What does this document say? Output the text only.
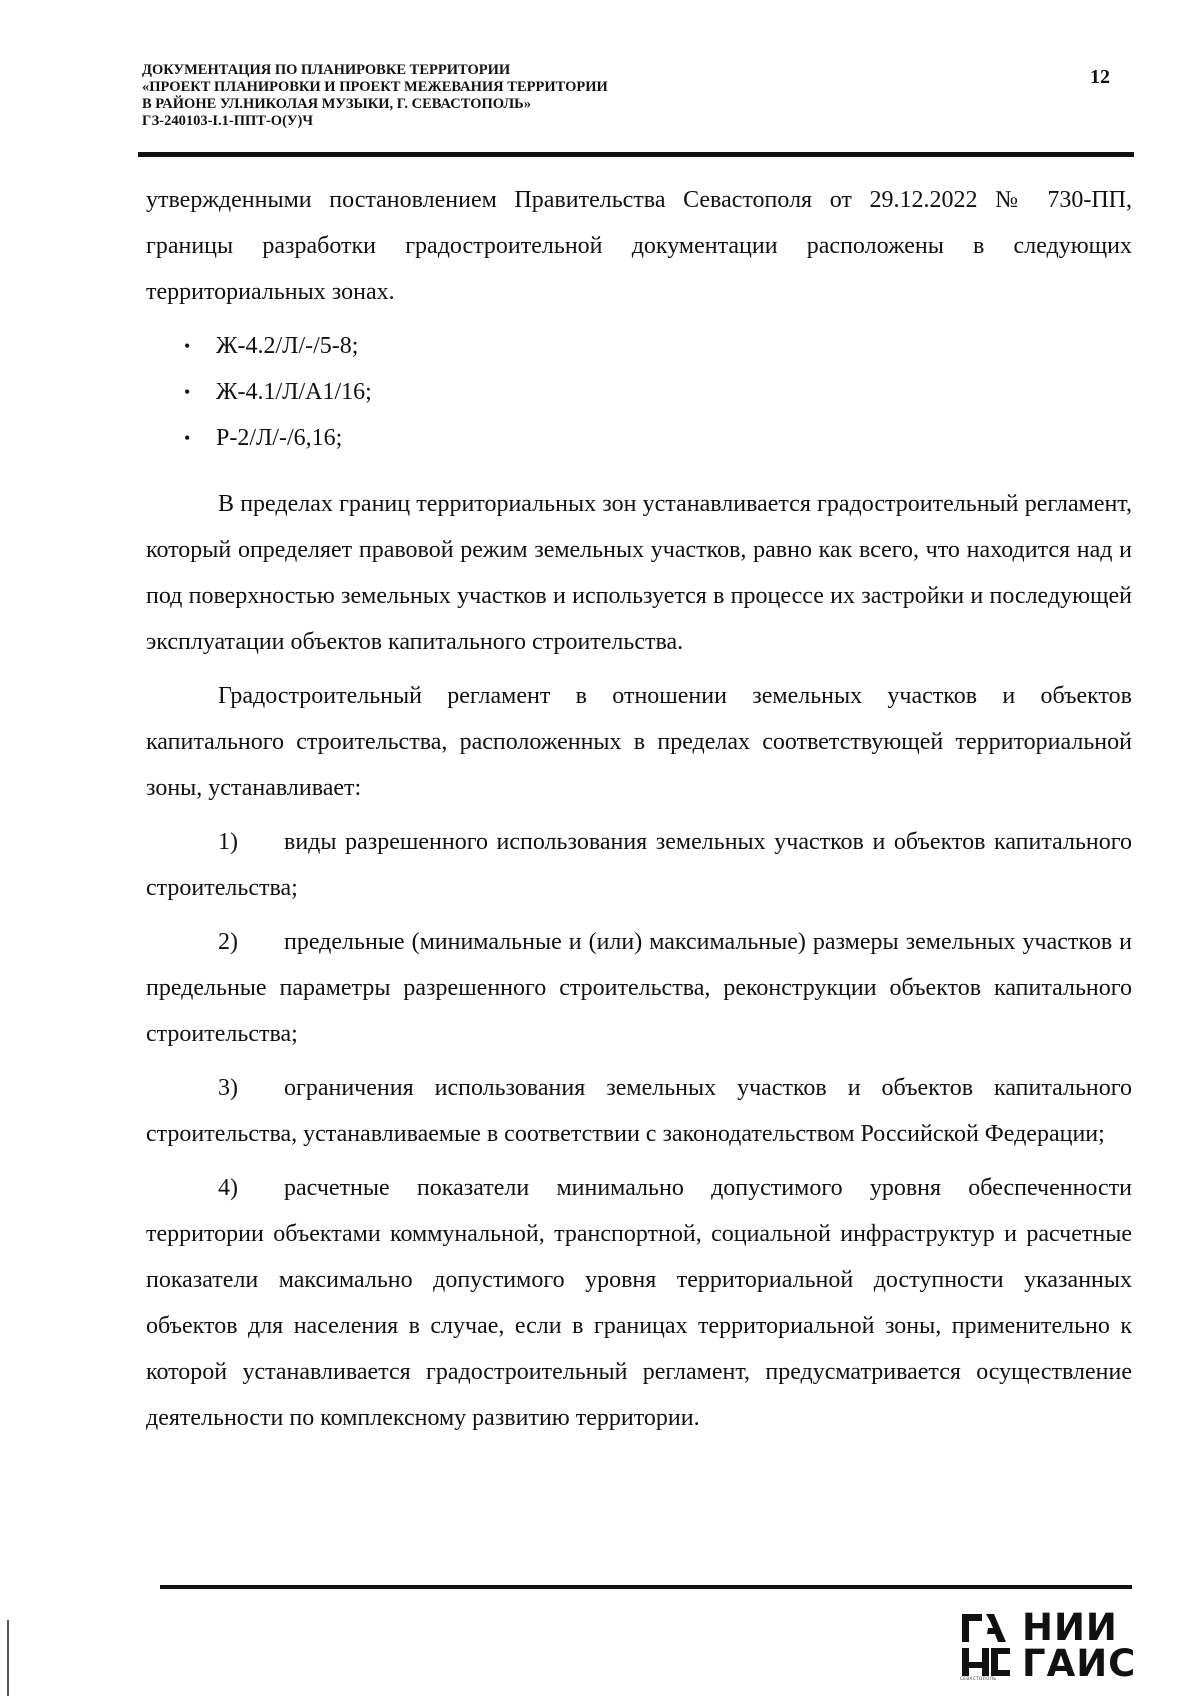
ДОКУМЕНТАЦИЯ ПО ПЛАНИРОВКЕ ТЕРРИТОРИИ
«ПРОЕКТ ПЛАНИРОВКИ И ПРОЕКТ МЕЖЕВАНИЯ ТЕРРИТОРИИ
В РАЙОНЕ УЛ.НИКОЛАЯ МУЗЫКИ, Г. СЕВАСТОПОЛЬ»
ГЗ-240103-I.1-ППТ-О(У)Ч
12

утвержденными постановлением Правительства Севастополя от 29.12.2022 № 730-ПП, границы разработки градостроительной документации расположены в следующих территориальных зонах.

• Ж-4.2/Л/-/5-8;

• Ж-4.1/Л/А1/16;

• Р-2/Л/-/6,16;

В пределах границ территориальных зон устанавливается градостроительный регламент, который определяет правовой режим земельных участков, равно как всего, что находится над и под поверхностью земельных участков и используется в процессе их застройки и последующей эксплуатации объектов капитального строительства.

Градостроительный регламент в отношении земельных участков и объектов капитального строительства, расположенных в пределах соответствующей территориальной зоны, устанавливает:

1) виды разрешенного использования земельных участков и объектов капитального строительства;

2) предельные (минимальные и (или) максимальные) размеры земельных участков и предельные параметры разрешенного строительства, реконструкции объектов капитального строительства;

3) ограничения использования земельных участков и объектов капитального строительства, устанавливаемые в соответствии с законодательством Российской Федерации;

4) расчетные показатели минимально допустимого уровня обеспеченности территории объектами коммунальной, транспортной, социальной инфраструктур и расчетные показатели максимально допустимого уровня территориальной доступности указанных объектов для населения в случае, если в границах территориальной зоны, применительно к которой устанавливается градостроительный регламент, предусматривается осуществление деятельности по комплексному развитию территории.

НИИ
ГАИС
СЕВАСТОПОЛЬ
